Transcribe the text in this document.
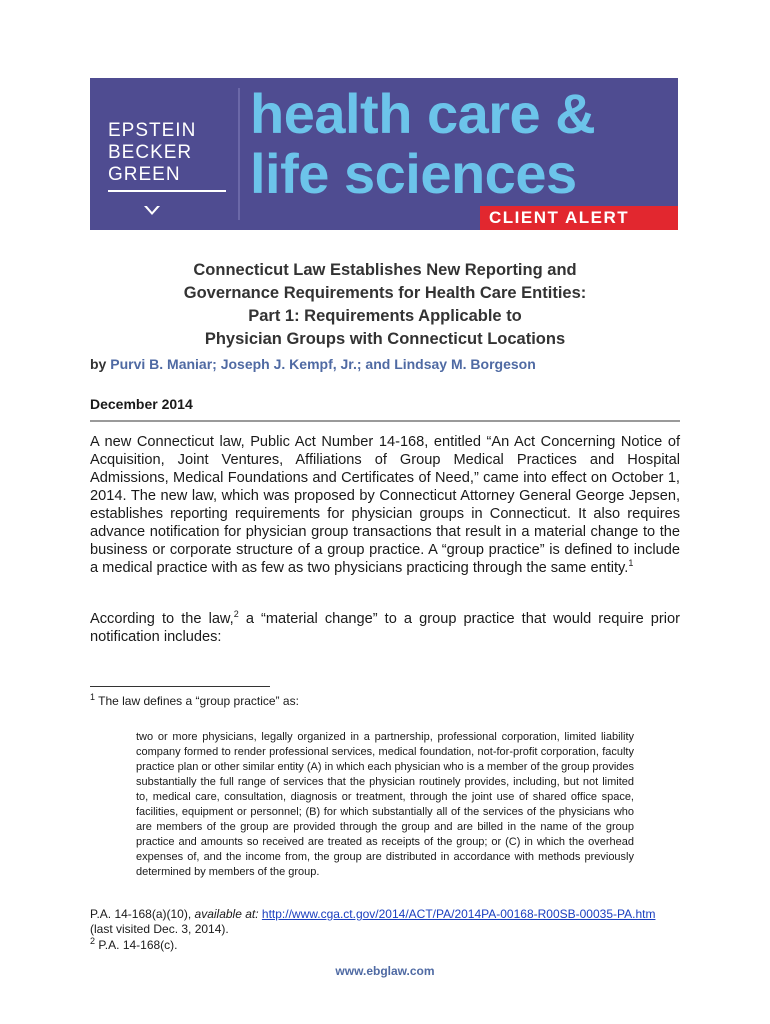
EPSTEIN
BECKER
GREEN
health care &
life sciences
CLIENT ALERT
Connecticut Law Establishes New Reporting and
Governance Requirements for Health Care Entities:
Part 1: Requirements Applicable to
Physician Groups with Connecticut Locations
by Purvi B. Maniar; Joseph J. Kempf, Jr.; and Lindsay M. Borgeson
December 2014
A new Connecticut law, Public Act Number 14-168, entitled “An Act Concerning Notice of Acquisition, Joint Ventures, Affiliations of Group Medical Practices and Hospital Admissions, Medical Foundations and Certificates of Need,” came into effect on October 1, 2014. The new law, which was proposed by Connecticut Attorney General George Jepsen, establishes reporting requirements for physician groups in Connecticut. It also requires advance notification for physician group transactions that result in a material change to the business or corporate structure of a group practice. A “group practice” is defined to include a medical practice with as few as two physicians practicing through the same entity.$^1$
According to the law,$^2$ a “material change” to a group practice that would require prior notification includes:
$^1$ The law defines a “group practice” as:
two or more physicians, legally organized in a partnership, professional corporation, limited liability company formed to render professional services, medical foundation, not-for-profit corporation, faculty practice plan or other similar entity (A) in which each physician who is a member of the group provides substantially the full range of services that the physician routinely provides, including, but not limited to, medical care, consultation, diagnosis or treatment, through the joint use of shared office space, facilities, equipment or personnel; (B) for which substantially all of the services of the physicians who are members of the group are provided through the group and are billed in the name of the group practice and amounts so received are treated as receipts of the group; or (C) in which the overhead expenses of, and the income from, the group are distributed in accordance with methods previously determined by members of the group.
P.A. 14-168(a)(10), available at: http://www.cga.ct.gov/2014/ACT/PA/2014PA-00168-R00SB-00035-PA.htm (last visited Dec. 3, 2014).
$^2$ P.A. 14-168(c).
www.ebglaw.com
